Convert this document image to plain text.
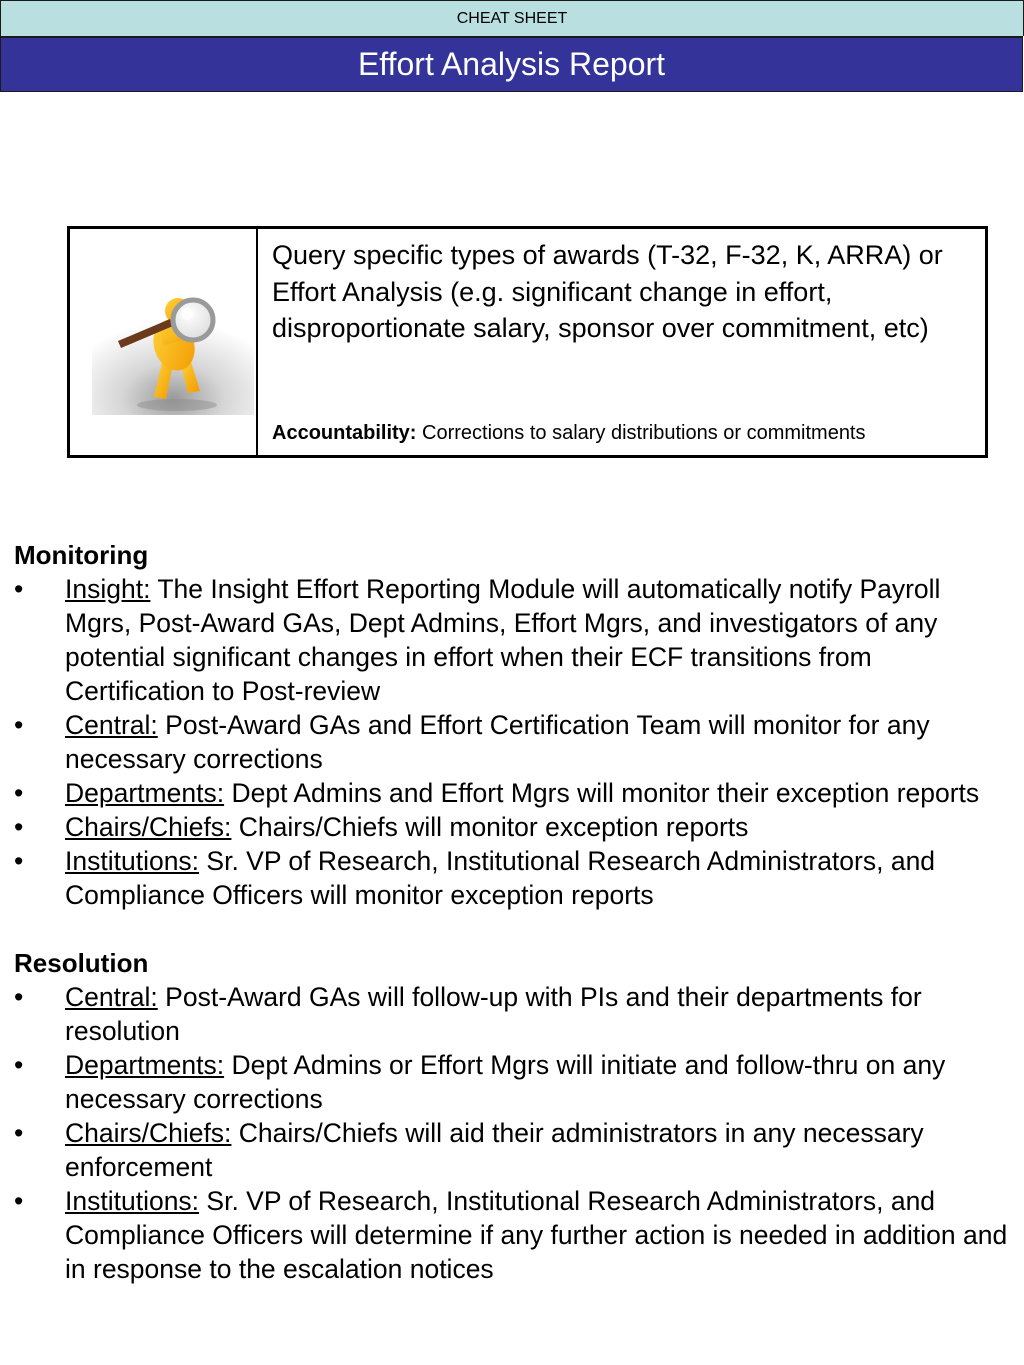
CHEAT SHEET
Effort Analysis Report

Query specific types of awards (T-32, F-32, K, ARRA) or Effort Analysis (e.g. significant change in effort, disproportionate salary, sponsor over commitment, etc)

Accountability: Corrections to salary distributions or commitments

Monitoring
• Insight: The Insight Effort Reporting Module will automatically notify Payroll Mgrs, Post-Award GAs, Dept Admins, Effort Mgrs, and investigators of any potential significant changes in effort when their ECF transitions from Certification to Post-review
• Central: Post-Award GAs and Effort Certification Team will monitor for any necessary corrections
• Departments: Dept Admins and Effort Mgrs will monitor their exception reports
• Chairs/Chiefs: Chairs/Chiefs will monitor exception reports
• Institutions: Sr. VP of Research, Institutional Research Administrators, and Compliance Officers will monitor exception reports
Resolution
• Central: Post-Award GAs will follow-up with PIs and their departments for resolution
• Departments: Dept Admins or Effort Mgrs will initiate and follow-thru on any necessary corrections
• Chairs/Chiefs: Chairs/Chiefs will aid their administrators in any necessary enforcement
• Institutions: Sr. VP of Research, Institutional Research Administrators, and Compliance Officers will determine if any further action is needed in addition and in response to the escalation notices
